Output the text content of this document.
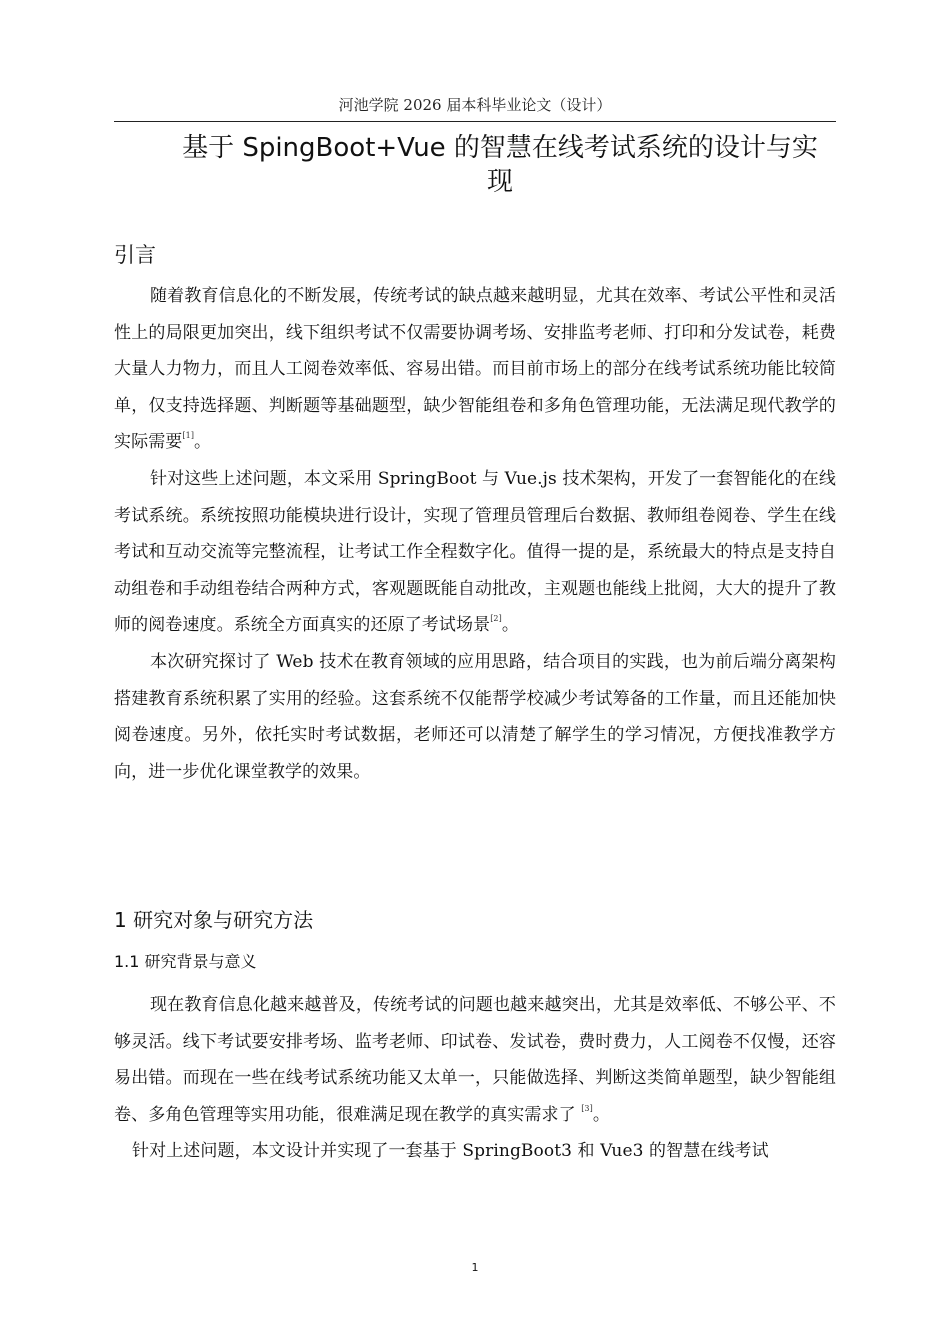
河池学院 2026 届本科毕业论文（设计）
基于 SpingBoot+Vue 的智慧在线考试系统的设计与实
现
引言

随着教育信息化的不断发展，传统考试的缺点越来越明显，尤其在效率、考试公平性和灵活性上的局限更加突出，线下组织考试不仅需要协调考场、安排监考老师、打印和分发试卷，耗费大量人力物力，而且人工阅卷效率低、容易出错。而目前市场上的部分在线考试系统功能比较简单，仅支持选择题、判断题等基础题型，缺少智能组卷和多角色管理功能，无法满足现代教学的实际需要[1]。

针对这些上述问题，本文采用 SpringBoot 与 Vue.js 技术架构，开发了一套智能化的在线考试系统。系统按照功能模块进行设计，实现了管理员管理后台数据、教师组卷阅卷、学生在线考试和互动交流等完整流程，让考试工作全程数字化。值得一提的是，系统最大的特点是支持自动组卷和手动组卷结合两种方式，客观题既能自动批改，主观题也能线上批阅，大大的提升了教师的阅卷速度。系统全方面真实的还原了考试场景[2]。

本次研究探讨了 Web 技术在教育领域的应用思路，结合项目的实践，也为前后端分离架构搭建教育系统积累了实用的经验。这套系统不仅能帮学校减少考试筹备的工作量，而且还能加快阅卷速度。另外，依托实时考试数据，老师还可以清楚了解学生的学习情况，方便找准教学方向，进一步优化课堂教学的效果。

1 研究对象与研究方法
1.1 研究背景与意义

现在教育信息化越来越普及，传统考试的问题也越来越突出，尤其是效率低、不够公平、不够灵活。线下考试要安排考场、监考老师、印试卷、发试卷，费时费力，人工阅卷不仅慢，还容易出错。而现在一些在线考试系统功能又太单一，只能做选择、判断这类简单题型，缺少智能组卷、多角色管理等实用功能，很难满足现在教学的真实需求了 [3]。

针对上述问题，本文设计并实现了一套基于 SpringBoot3 和 Vue3 的智慧在线考试

1
